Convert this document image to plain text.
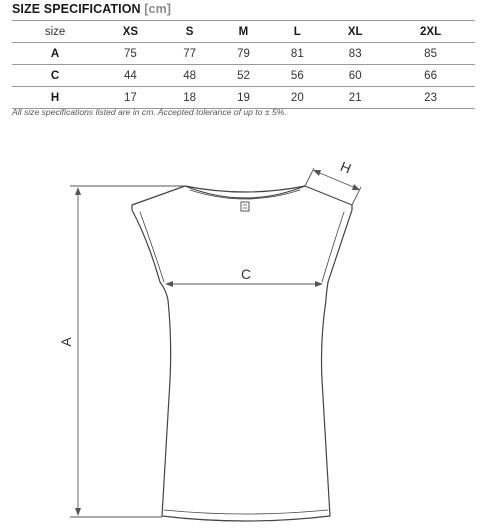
SIZE SPECIFICATION [cm]
size	XS	S	M	L	XL	2XL
A	75	77	79	81	83	85
C	44	48	52	56	60	66
H	17	18	19	20	21	23
All size specifications listed are in cm. Accepted tolerance of up to ± 5%.
A
C
H
